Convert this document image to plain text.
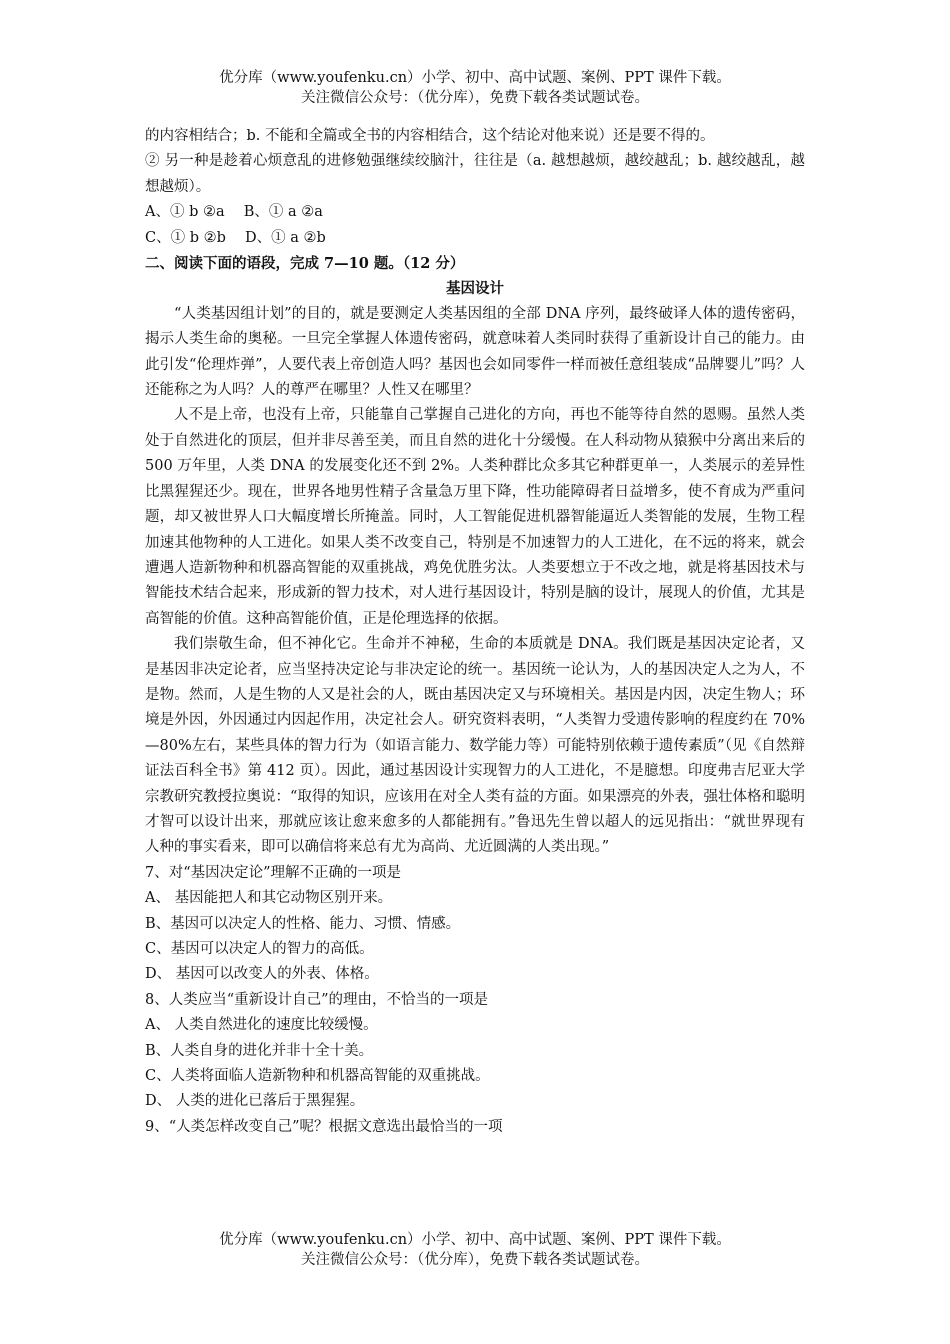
优分库（www.youfenku.cn）小学、初中、高中试题、案例、PPT 课件下载。
关注微信公众号：（优分库），免费下载各类试题试卷。

的内容相结合；b. 不能和全篇或全书的内容相结合，这个结论对他来说）还是要不得的。

② 另一种是趁着心烦意乱的进修勉强继续绞脑汁，往往是（a. 越想越烦，越绞越乱；b. 越绞越乱，越想越烦）。

A、① b ②a　 B、① a ②a

C、① b ②b　 D、① a ②b

二、阅读下面的语段，完成 7—10 题。（12 分）

基因设计

“人类基因组计划”的目的，就是要测定人类基因组的全部 DNA 序列，最终破译人体的遗传密码，揭示人类生命的奥秘。一旦完全掌握人体遗传密码，就意味着人类同时获得了重新设计自己的能力。由此引发“伦理炸弹”，人要代表上帝创造人吗？基因也会如同零件一样而被任意组装成“品牌婴儿”吗？人还能称之为人吗？人的尊严在哪里？人性又在哪里？

人不是上帝，也没有上帝，只能靠自己掌握自己进化的方向，再也不能等待自然的恩赐。虽然人类处于自然进化的顶层，但并非尽善至美，而且自然的进化十分缓慢。在人科动物从猿猴中分离出来后的 500 万年里，人类 DNA 的发展变化还不到 2%。人类种群比众多其它种群更单一，人类展示的差异性比黑猩猩还少。现在，世界各地男性精子含量急万里下降，性功能障碍者日益增多，使不育成为严重问题，却又被世界人口大幅度增长所掩盖。同时，人工智能促进机器智能逼近人类智能的发展，生物工程加速其他物种的人工进化。如果人类不改变自己，特别是不加速智力的人工进化，在不远的将来，就会遭遇人造新物种和机器高智能的双重挑战，鸡免优胜劣汰。人类要想立于不改之地，就是将基因技术与智能技术结合起来，形成新的智力技术，对人进行基因设计，特别是脑的设计，展现人的价值，尤其是高智能的价值。这种高智能价值，正是伦理选择的依据。

我们崇敬生命，但不神化它。生命并不神秘，生命的本质就是 DNA。我们既是基因决定论者，又是基因非决定论者，应当坚持决定论与非决定论的统一。基因统一论认为，人的基因决定人之为人，不是物。然而，人是生物的人又是社会的人，既由基因决定又与环境相关。基因是内因，决定生物人；环境是外因，外因通过内因起作用，决定社会人。研究资料表明，“人类智力受遗传影响的程度约在 70%—80%左右，某些具体的智力行为（如语言能力、数学能力等）可能特别依赖于遗传素质”（见《自然辩证法百科全书》第 412 页）。因此，通过基因设计实现智力的人工进化，不是臆想。印度弗吉尼亚大学宗教研究教授拉奥说：“取得的知识，应该用在对全人类有益的方面。如果漂亮的外表，强壮体格和聪明才智可以设计出来，那就应该让愈来愈多的人都能拥有。”鲁迅先生曾以超人的远见指出：“就世界现有人种的事实看来，即可以确信将来总有尤为高尚、尤近圆满的人类出现。”

7、对“基因决定论”理解不正确的一项是

A、 基因能把人和其它动物区别开来。

B、基因可以决定人的性格、能力、习惯、情感。

C、基因可以决定人的智力的高低。

D、 基因可以改变人的外表、体格。

8、人类应当“重新设计自己”的理由，不恰当的一项是

A、 人类自然进化的速度比较缓慢。

B、人类自身的进化并非十全十美。

C、人类将面临人造新物种和机器高智能的双重挑战。

D、 人类的进化已落后于黑猩猩。

9、“人类怎样改变自己”呢？根据文意选出最恰当的一项

优分库（www.youfenku.cn）小学、初中、高中试题、案例、PPT 课件下载。
关注微信公众号：（优分库），免费下载各类试题试卷。
